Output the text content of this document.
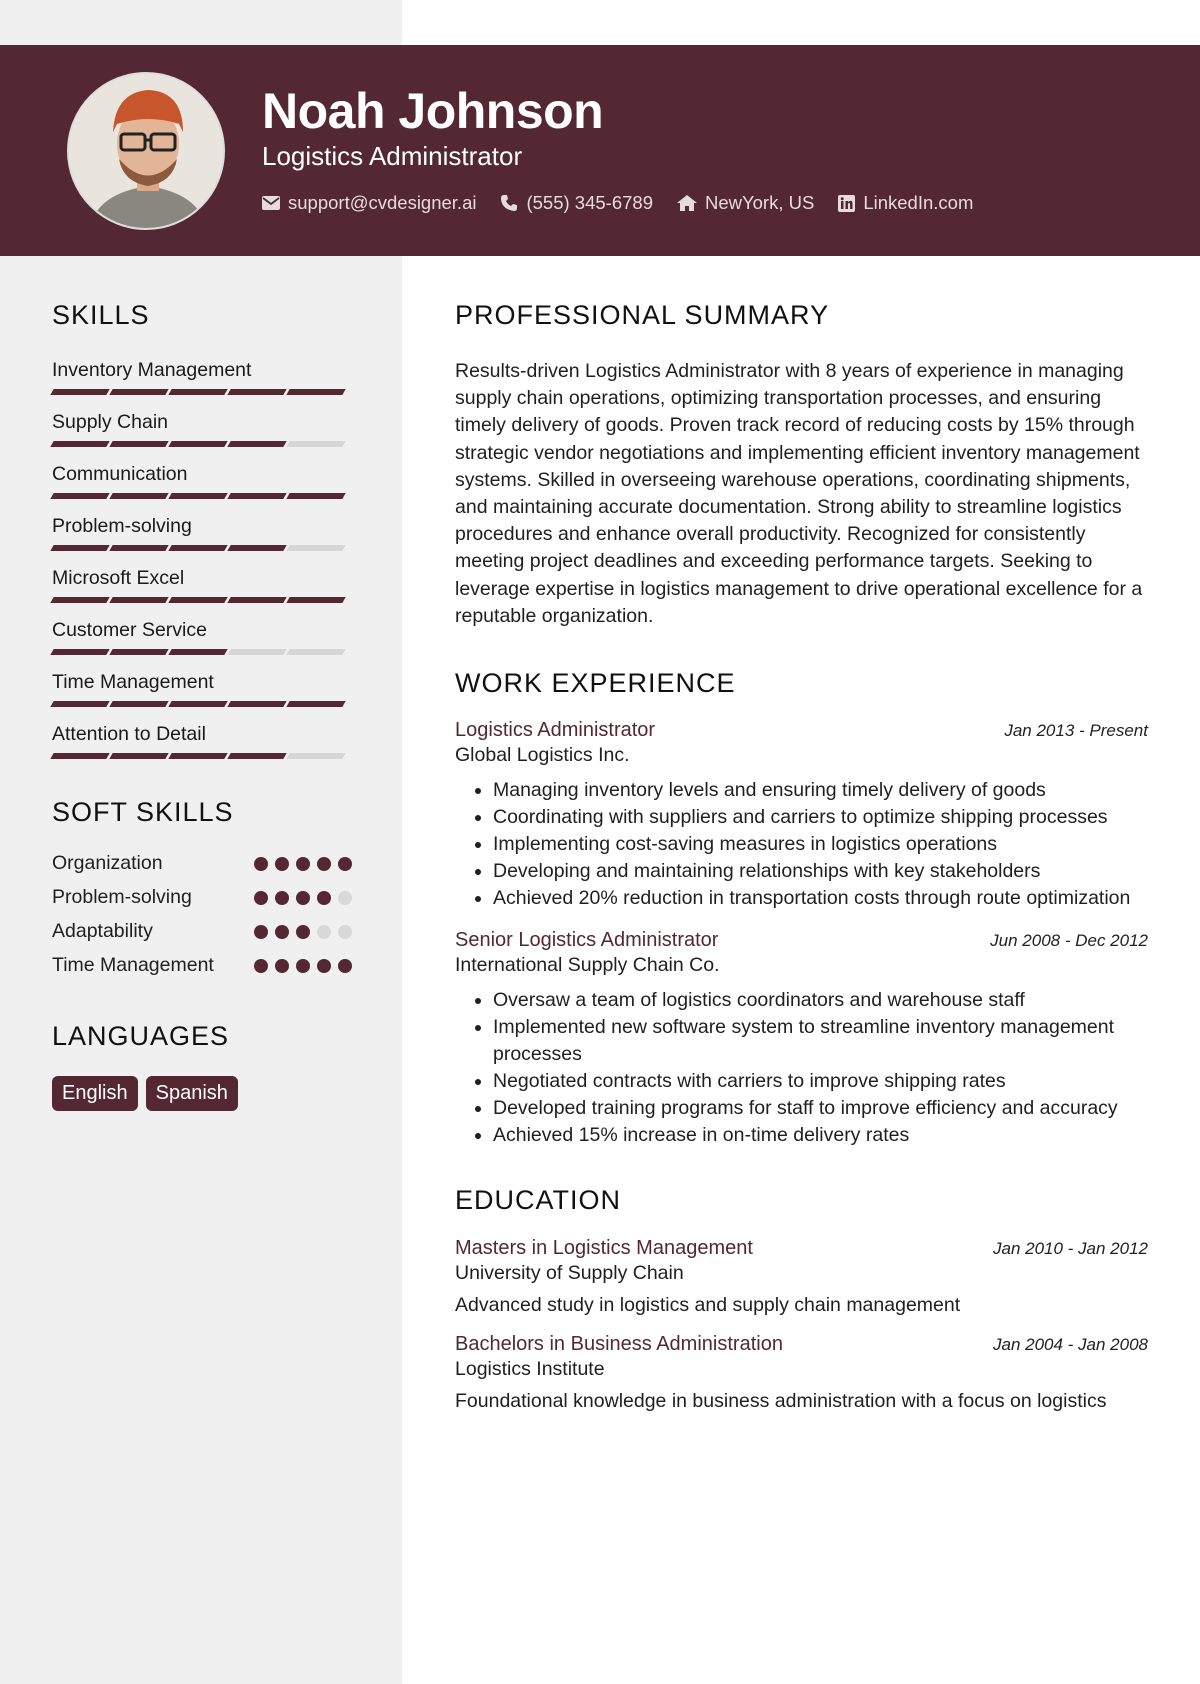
Noah Johnson
Logistics Administrator
support@cvdesigner.ai	(555) 345-6789	NewYork, US	LinkedIn.com
SKILLS
Inventory Management
Supply Chain
Communication
Problem-solving
Microsoft Excel
Customer Service
Time Management
Attention to Detail
SOFT SKILLS
Organization
Problem-solving
Adaptability
Time Management
LANGUAGES
English	Spanish
PROFESSIONAL SUMMARY
Results-driven Logistics Administrator with 8 years of experience in managing supply chain operations, optimizing transportation processes, and ensuring timely delivery of goods. Proven track record of reducing costs by 15% through strategic vendor negotiations and implementing efficient inventory management systems. Skilled in overseeing warehouse operations, coordinating shipments, and maintaining accurate documentation. Strong ability to streamline logistics procedures and enhance overall productivity. Recognized for consistently meeting project deadlines and exceeding performance targets. Seeking to leverage expertise in logistics management to drive operational excellence for a reputable organization.
WORK EXPERIENCE
Logistics Administrator	Jan 2013 - Present
Global Logistics Inc.
• Managing inventory levels and ensuring timely delivery of goods
• Coordinating with suppliers and carriers to optimize shipping processes
• Implementing cost-saving measures in logistics operations
• Developing and maintaining relationships with key stakeholders
• Achieved 20% reduction in transportation costs through route optimization
Senior Logistics Administrator	Jun 2008 - Dec 2012
International Supply Chain Co.
• Oversaw a team of logistics coordinators and warehouse staff
• Implemented new software system to streamline inventory management processes
• Negotiated contracts with carriers to improve shipping rates
• Developed training programs for staff to improve efficiency and accuracy
• Achieved 15% increase in on-time delivery rates
EDUCATION
Masters in Logistics Management	Jan 2010 - Jan 2012
University of Supply Chain
Advanced study in logistics and supply chain management
Bachelors in Business Administration	Jan 2004 - Jan 2008
Logistics Institute
Foundational knowledge in business administration with a focus on logistics
